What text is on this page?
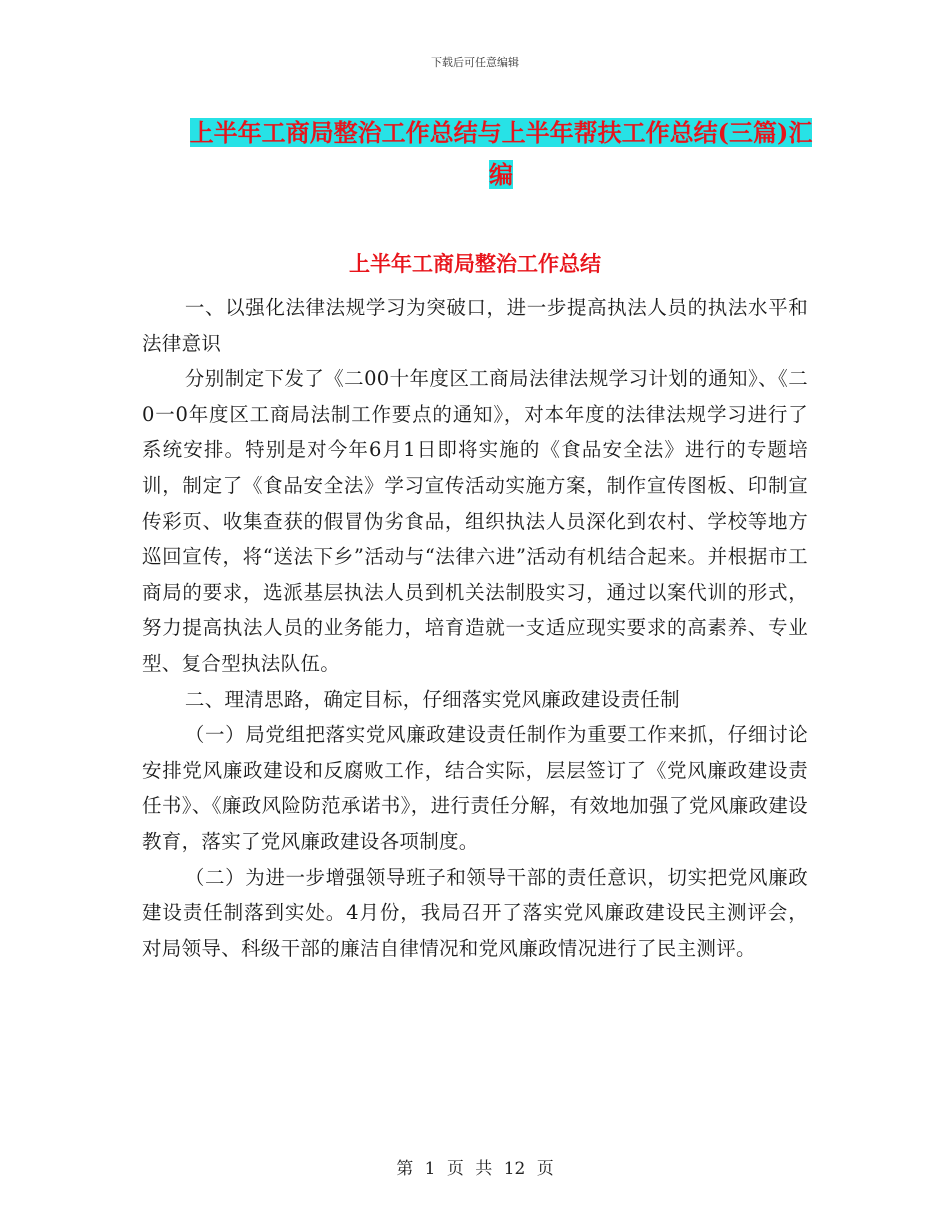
下载后可任意编辑
上半年工商局整治工作总结与上半年帮扶工作总结(三篇)汇编
上半年工商局整治工作总结

一、以强化法律法规学习为突破口，进一步提高执法人员的执法水平和法律意识

分别制定下发了《二00十年度区工商局法律法规学习计划的通知》、《二0一0年度区工商局法制工作要点的通知》，对本年度的法律法规学习进行了系统安排。特别是对今年6月1日即将实施的《食品安全法》进行的专题培训，制定了《食品安全法》学习宣传活动实施方案，制作宣传图板、印制宣传彩页、收集查获的假冒伪劣食品，组织执法人员深化到农村、学校等地方巡回宣传，将“送法下乡”活动与“法律六进”活动有机结合起来。并根据市工商局的要求，选派基层执法人员到机关法制股实习，通过以案代训的形式，努力提高执法人员的业务能力，培育造就一支适应现实要求的高素养、专业型、复合型执法队伍。

二、理清思路，确定目标，仔细落实党风廉政建设责任制

（一）局党组把落实党风廉政建设责任制作为重要工作来抓，仔细讨论安排党风廉政建设和反腐败工作，结合实际，层层签订了《党风廉政建设责任书》、《廉政风险防范承诺书》，进行责任分解，有效地加强了党风廉政建设教育，落实了党风廉政建设各项制度。

（二）为进一步增强领导班子和领导干部的责任意识，切实把党风廉政建设责任制落到实处。4月份，我局召开了落实党风廉政建设民主测评会，对局领导、科级干部的廉洁自律情况和党风廉政情况进行了民主测评。

第 1 页 共 12 页
